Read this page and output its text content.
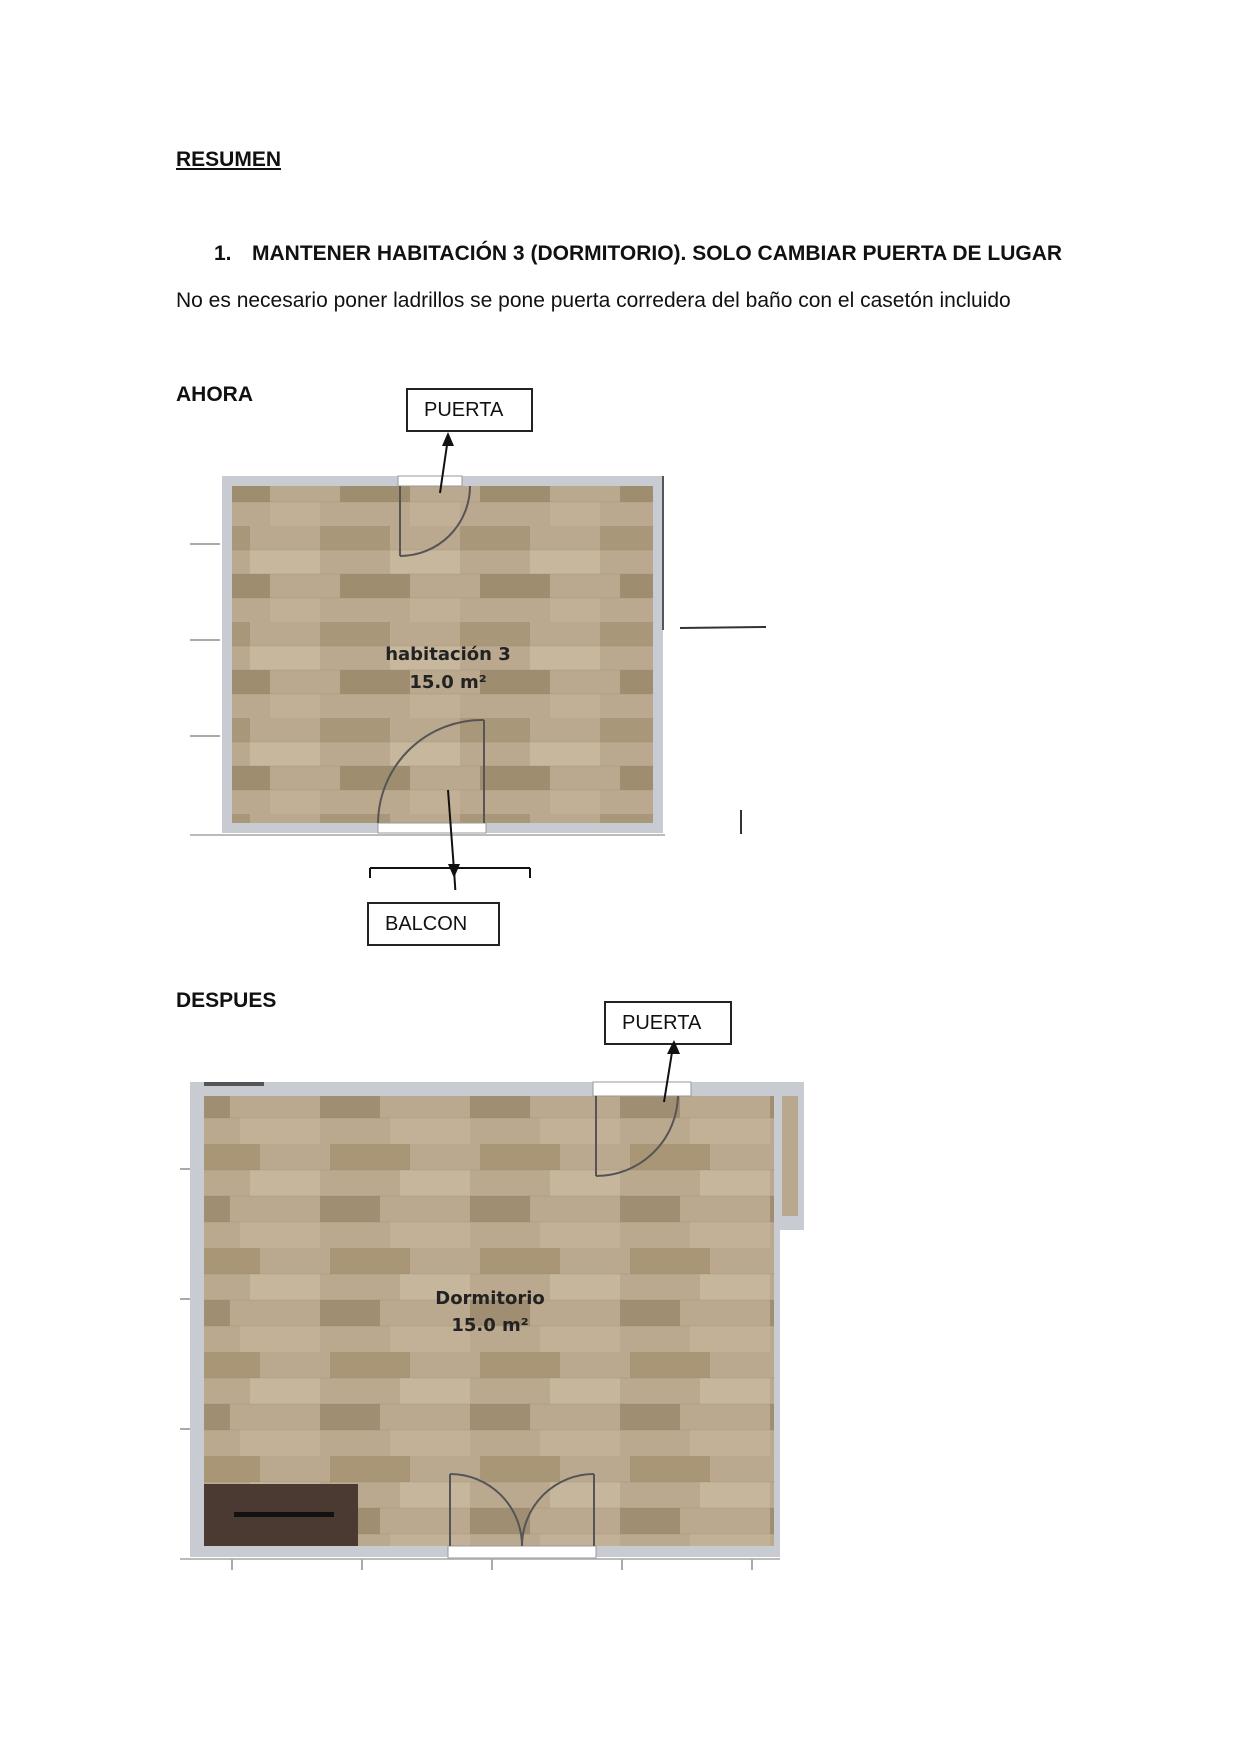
RESUMEN
1. MANTENER HABITACIÓN 3 (DORMITORIO). SOLO CAMBIAR PUERTA DE LUGAR
No es necesario poner ladrillos se pone puerta corredera del baño con el casetón incluido
AHORA
PUERTA
habitación 3
15.0 m²
BALCON
DESPUES
PUERTA
Dormitorio
15.0 m²
